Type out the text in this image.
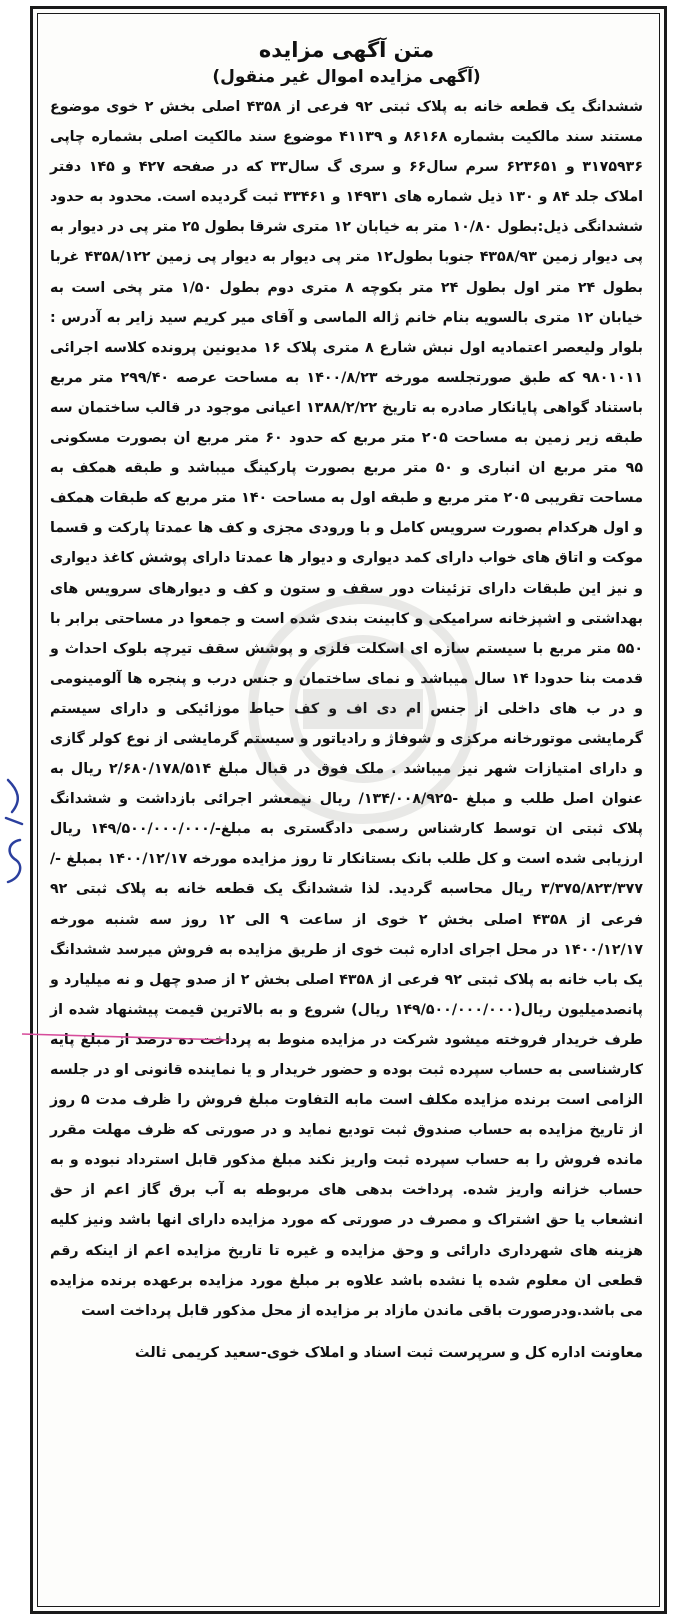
متن آگهی مزایده
(آگهی مزایده اموال غیر منقول)

ششدانگ یک قطعه خانه به پلاک ثبتی ۹۲ فرعی از ۴۳۵۸ اصلی بخش ۲ خوی موضوع مستند سند مالکیت بشماره ۸۶۱۶۸ و ۴۱۱۳۹ موضوع سند مالکیت اصلی بشماره چاپی ۳۱۷۵۹۳۶ و ۶۲۳۶۵۱ سرم سال۶۶ و سری گ سال۳۳ که در صفحه ۴۲۷ و ۱۴۵ دفتر املاک جلد ۸۴ و ۱۳۰ ذیل شماره های ۱۴۹۳۱ و ۳۳۴۶۱ ثبت گردیده است. محدود به حدود ششدانگی ذیل:بطول ۱۰/۸۰ متر به خیابان ۱۲ متری شرقا بطول ۲۵ متر پی در دیوار به پی دیوار زمین ۴۳۵۸/۹۳ جنوبا بطول۱۲ متر پی دیوار به دیوار پی زمین ۴۳۵۸/۱۲۲ غربا بطول ۲۴ متر اول بطول ۲۴ متر بکوچه ۸ متری دوم بطول ۱/۵۰ متر پخی است به خیابان ۱۲ متری بالسویه بنام خانم ژاله الماسی و آقای میر کریم سید زایر به آدرس : بلوار ولیعصر اعتمادیه اول نبش شارع ۸ متری پلاک ۱۶ مدیونین پرونده کلاسه اجرائی ۹۸۰۱۰۱۱ که طبق صورتجلسه مورخه ۱۴۰۰/۸/۲۳ به مساحت عرصه ۲۹۹/۴۰ متر مربع باستناد گواهی پایانکار صادره به تاریخ ۱۳۸۸/۲/۲۲ اعیانی موجود در قالب ساختمان سه طبقه زیر زمین به مساحت ۲۰۵ متر مربع که حدود ۶۰ متر مربع ان بصورت مسکونی ۹۵ متر مربع ان انباری و ۵۰ متر مربع بصورت پارکینگ میباشد و طبقه همکف به مساحت تقریبی ۲۰۵ متر مربع و طبقه اول به مساحت ۱۴۰ متر مربع که طبقات همکف و اول هرکدام بصورت سرویس کامل و با ورودی مجزی و کف ها عمدتا پارکت و قسما موکت و اتاق های خواب دارای کمد دیواری و دیوار ها عمدتا دارای پوشش کاغذ دیواری و نیز این طبقات دارای تزئینات دور سقف و ستون و کف و دیوارهای سرویس های بهداشتی و اشپزخانه سرامیکی و کابینت بندی شده است و جمعوا در مساحتی برابر با ۵۵۰ متر مربع با سیستم سازه ای اسکلت فلزی و پوشش سقف تیرچه بلوک احداث و قدمت بنا حدودا ۱۴ سال میباشد و نمای ساختمان و جنس درب و پنجره ها آلومینومی و در ب های داخلی از جنس ام دی اف و کف حیاط موزائیکی و دارای سیستم گرمایشی موتورخانه مرکزی و شوفاژ و رادیاتور و سیستم گرمایشی از نوع کولر گازی و دارای امتیازات شهر نیز میباشد . ملک فوق در قبال مبلغ ۲/۶۸۰/۱۷۸/۵۱۴ ریال به عنوان اصل طلب و مبلغ -۱۳۴/۰۰۸/۹۲۵/ ریال نیمعشر اجرائی بازداشت و ششدانگ پلاک ثبتی ان توسط کارشناس رسمی دادگستری به مبلغ-/۱۴۹/۵۰۰/۰۰۰/۰۰۰ ریال ارزیابی شده است و کل طلب بانک بستانکار تا روز مزایده مورخه ۱۴۰۰/۱۲/۱۷ بمبلغ -/۳/۳۷۵/۸۲۳/۳۷۷ ریال محاسبه گردید. لذا ششدانگ یک قطعه خانه به پلاک ثبتی ۹۲ فرعی از ۴۳۵۸ اصلی بخش ۲ خوی از ساعت ۹ الی ۱۲ روز سه شنبه مورخه ۱۴۰۰/۱۲/۱۷ در محل اجرای اداره ثبت خوی از طریق مزایده به فروش میرسد ششدانگ یک باب خانه به پلاک ثبتی ۹۲ فرعی از ۴۳۵۸ اصلی بخش ۲ از صدو چهل و نه میلیارد و پانصدمیلیون ریال(۱۴۹/۵۰۰/۰۰۰/۰۰۰ ریال) شروع و به بالاترین قیمت پیشنهاد شده از طرف خریدار فروخته میشود شرکت در مزایده منوط به پرداخت ده درصد از مبلغ پایه کارشناسی به حساب سپرده ثبت بوده و حضور خریدار و یا نماینده قانونی او در جلسه الزامی است برنده مزایده مکلف است مابه التفاوت مبلغ فروش را ظرف مدت ۵ روز از تاریخ مزایده به حساب صندوق ثبت تودیع نماید و در صورتی که ظرف مهلت مقرر مانده فروش را به حساب سپرده ثبت واریز نکند مبلغ مذکور قابل استرداد نبوده و به حساب خزانه واریز شده. پرداخت بدهی های مربوطه به آب برق گاز اعم از حق انشعاب یا حق اشتراک و مصرف در صورتی که مورد مزایده دارای انها باشد ونیز کلیه هزینه های شهرداری دارائی و وحق مزایده و غیره تا تاریخ مزایده اعم از اینکه رقم قطعی ان معلوم شده یا نشده باشد علاوه بر مبلغ مورد مزایده برعهده برنده مزایده می باشد.ودرصورت باقی ماندن مازاد بر مزایده از محل مذکور قابل پرداخت است

معاونت اداره کل و سرپرست ثبت اسناد و املاک خوی-سعید کریمی ثالث
